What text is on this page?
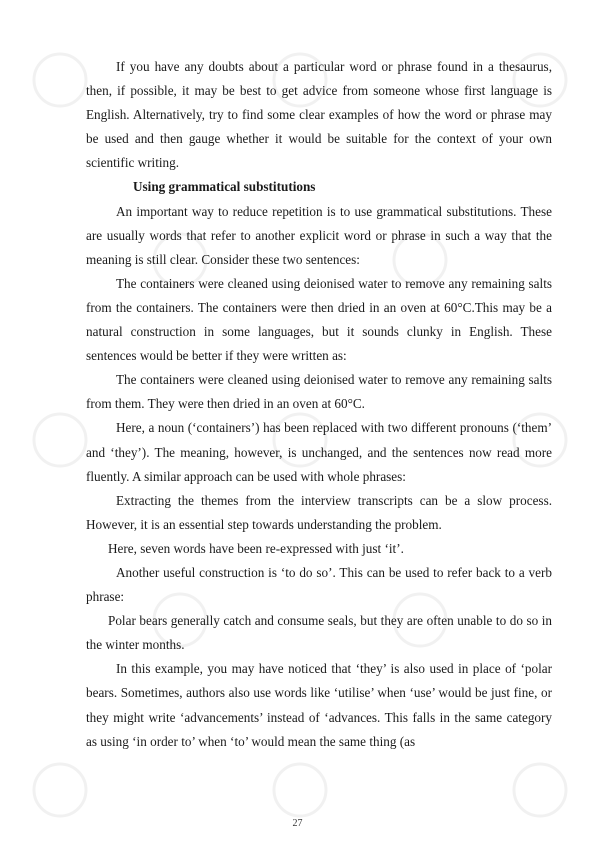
If you have any doubts about a particular word or phrase found in a thesaurus, then, if possible, it may be best to get advice from someone whose first language is English. Alternatively, try to find some clear examples of how the word or phrase may be used and then gauge whether it would be suitable for the context of your own scientific writing.

Using grammatical substitutions

An important way to reduce repetition is to use grammatical substitutions. These are usually words that refer to another explicit word or phrase in such a way that the meaning is still clear. Consider these two sentences:

The containers were cleaned using deionised water to remove any remaining salts from the containers. The containers were then dried in an oven at 60°C.This may be a natural construction in some languages, but it sounds clunky in English. These sentences would be better if they were written as:

The containers were cleaned using deionised water to remove any remaining salts from them. They were then dried in an oven at 60°C.

Here, a noun (‘containers’) has been replaced with two different pronouns (‘them’ and ‘they’). The meaning, however, is unchanged, and the sentences now read more fluently. A similar approach can be used with whole phrases:

Extracting the themes from the interview transcripts can be a slow process. However, it is an essential step towards understanding the problem.

Here, seven words have been re-expressed with just ‘it’.

Another useful construction is ‘to do so’. This can be used to refer back to a verb phrase:

Polar bears generally catch and consume seals, but they are often unable to do so in the winter months.

In this example, you may have noticed that ‘they’ is also used in place of ‘polar bears. Sometimes, authors also use words like ‘utilise’ when ‘use’ would be just fine, or they might write ‘advancements’ instead of ‘advances. This falls in the same category as using ‘in order to’ when ‘to’ would mean the same thing (as

27
